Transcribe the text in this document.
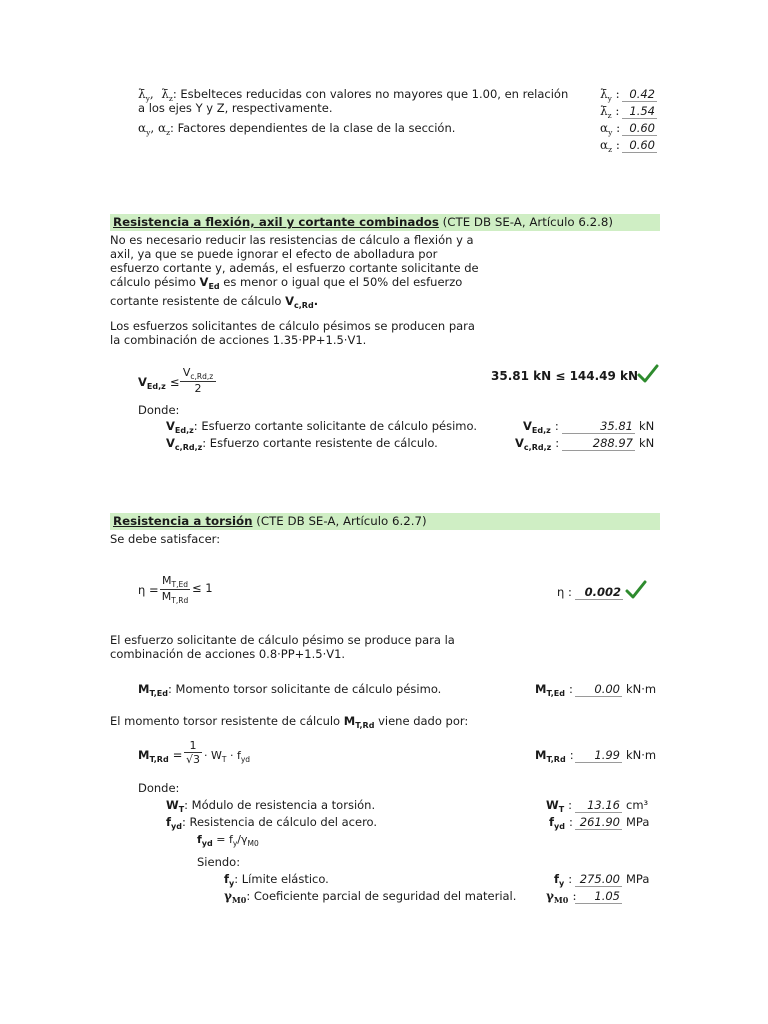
$\lambdā_y$,  $\lambdā_z$: Esbelteces reducidas con valores no mayores que 1.00, en relación
a los ejes Y y Z, respectivamente.
$\alpha_y$, $\alpha_z$: Factores dependientes de la clase de la sección.
$\lambdā_y$ : 0.42
$\lambdā_z$ : 1.54
$\alpha_y$ : 0.60
$\alpha_z$ : 0.60
Resistencia a flexión, axil y cortante combinados (CTE DB SE-A, Artículo 6.2.8)
No es necesario reducir las resistencias de cálculo a flexión y a
axil, ya que se puede ignorar el efecto de abolladura por
esfuerzo cortante y, además, el esfuerzo cortante solicitante de
cálculo pésimo $V_{Ed}$ es menor o igual que el 50% del esfuerzo
cortante resistente de cálculo $V_{c,Rd}$.
Los esfuerzos solicitantes de cálculo pésimos se producen para
la combinación de acciones 1.35·PP+1.5·V1.
$V_{Ed,z} \le \frac{V_{c,Rd,z}}{2}$	35.81 kN ≤ 144.49 kN
Donde:
$V_{Ed,z}$: Esfuerzo cortante solicitante de cálculo pésimo.	$V_{Ed,z}$ :	35.81 kN
$V_{c,Rd,z}$: Esfuerzo cortante resistente de cálculo.	$V_{c,Rd,z}$ :	288.97 kN
Resistencia a torsión (CTE DB SE-A, Artículo 6.2.7)
Se debe satisfacer:
$\eta = \frac{M_{T,Ed}}{M_{T,Rd}} \le 1$	η :	0.002
El esfuerzo solicitante de cálculo pésimo se produce para la
combinación de acciones 0.8·PP+1.5·V1.
$M_{T,Ed}$: Momento torsor solicitante de cálculo pésimo.	$M_{T,Ed}$ :	0.00 kN·m
El momento torsor resistente de cálculo $M_{T,Rd}$ viene dado por:
$M_{T,Rd} = \frac{1}{√3} \cdot W_T \cdot f_{yd}$	$M_{T,Rd}$ :	1.99 kN·m
Donde:
$W_T$: Módulo de resistencia a torsión.	$W_T$ :	13.16 cm³
$f_{yd}$: Resistencia de cálculo del acero.	$f_{yd}$ : 261.90 MPa
$f_{yd} = f_y/\gamma_{M0}$
Siendo:
$f_y$: Límite elástico.	$f_y$ : 275.00 MPa
$\gamma_{M0}$: Coeficiente parcial de seguridad del material. $\gamma_{M0}$ :	1.05
